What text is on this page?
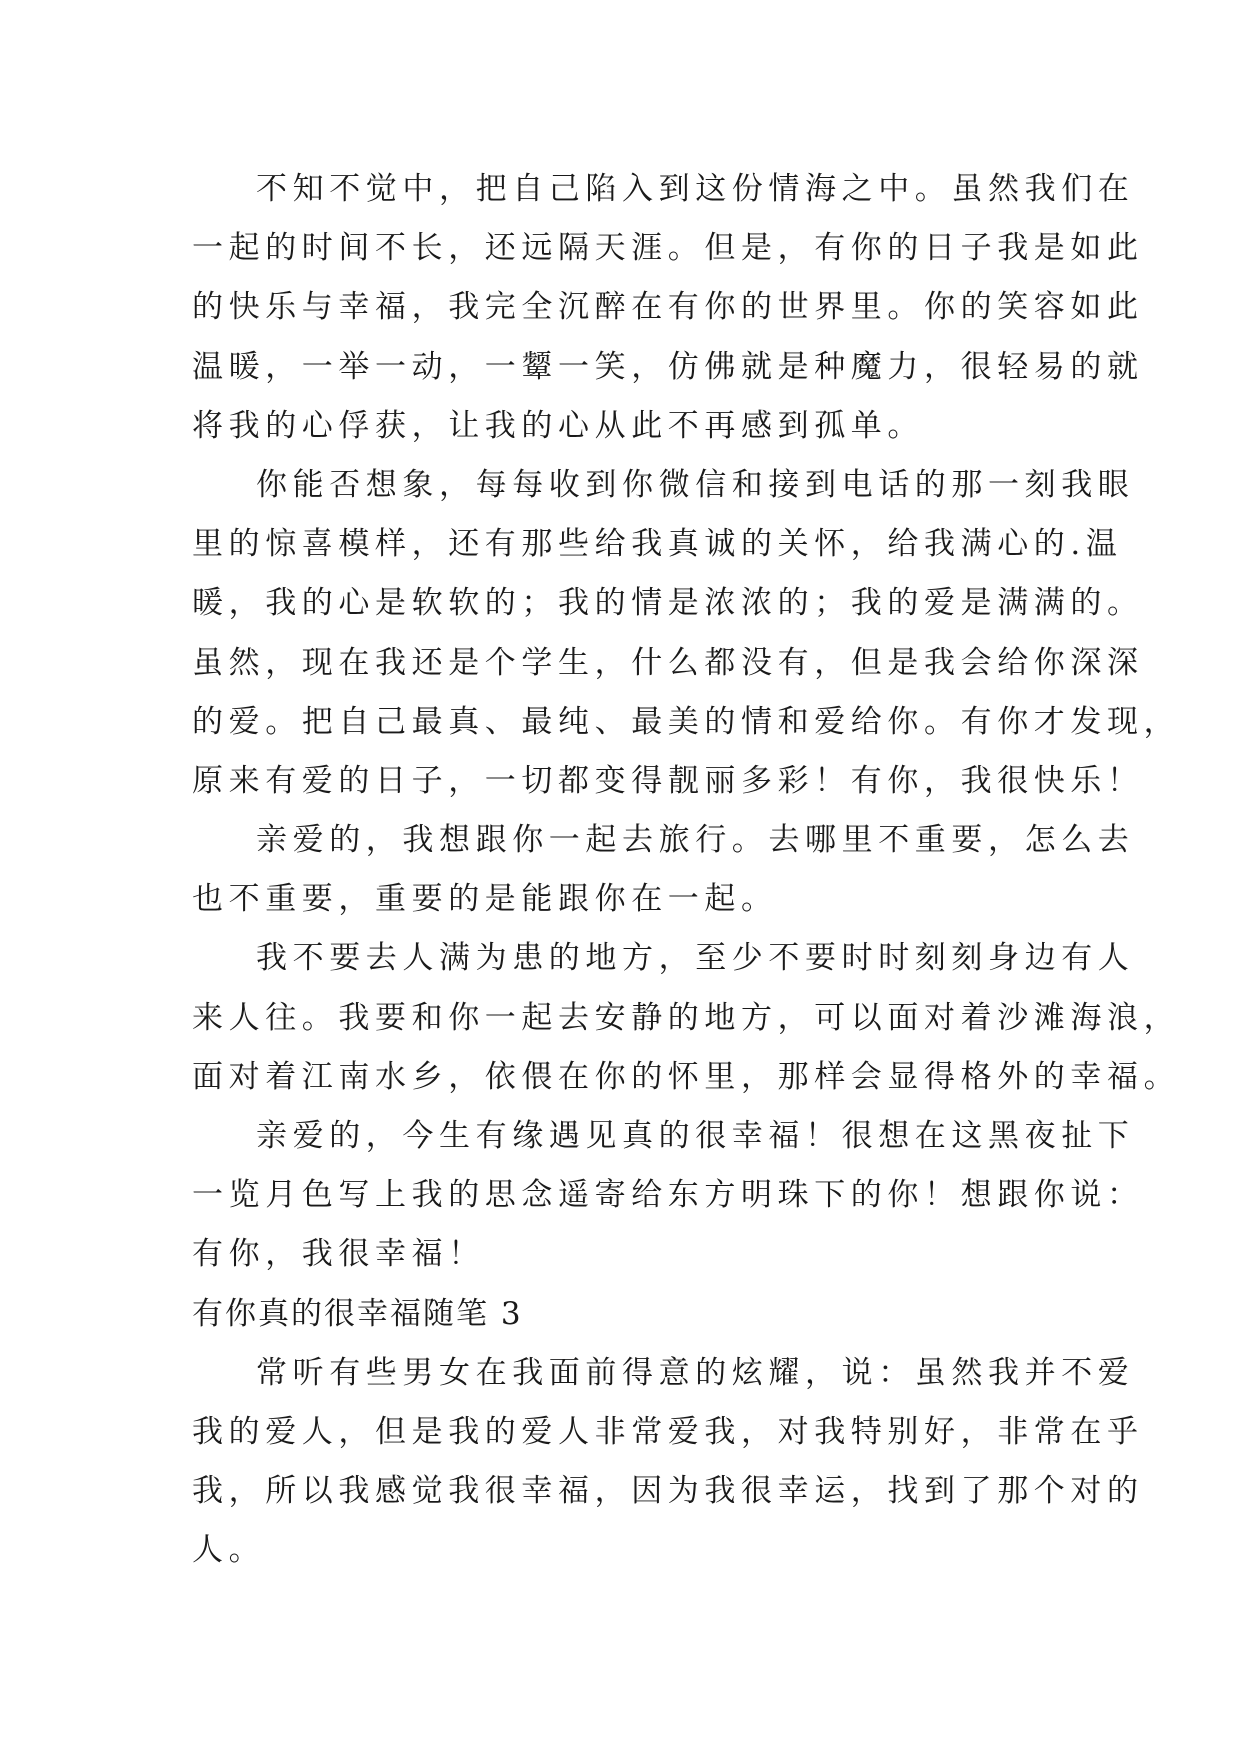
不知不觉中，把自己陷入到这份情海之中。虽然我们在
一起的时间不长，还远隔天涯。但是，有你的日子我是如此
的快乐与幸福，我完全沉醉在有你的世界里。你的笑容如此
温暖，一举一动，一颦一笑，仿佛就是种魔力，很轻易的就
将我的心俘获，让我的心从此不再感到孤单。
你能否想象，每每收到你微信和接到电话的那一刻我眼
里的惊喜模样，还有那些给我真诚的关怀，给我满心的.温
暖，我的心是软软的；我的情是浓浓的；我的爱是满满的。
虽然，现在我还是个学生，什么都没有，但是我会给你深深
的爱。把自己最真、最纯、最美的情和爱给你。有你才发现，
原来有爱的日子，一切都变得靓丽多彩！有你，我很快乐！
亲爱的，我想跟你一起去旅行。去哪里不重要，怎么去
也不重要，重要的是能跟你在一起。
我不要去人满为患的地方，至少不要时时刻刻身边有人
来人往。我要和你一起去安静的地方，可以面对着沙滩海浪，
面对着江南水乡，依偎在你的怀里，那样会显得格外的幸福。
亲爱的，今生有缘遇见真的很幸福！很想在这黑夜扯下
一览月色写上我的思念遥寄给东方明珠下的你！想跟你说：
有你，我很幸福！
有你真的很幸福随笔 3
常听有些男女在我面前得意的炫耀，说：虽然我并不爱
我的爱人，但是我的爱人非常爱我，对我特别好，非常在乎
我，所以我感觉我很幸福，因为我很幸运，找到了那个对的
人。
